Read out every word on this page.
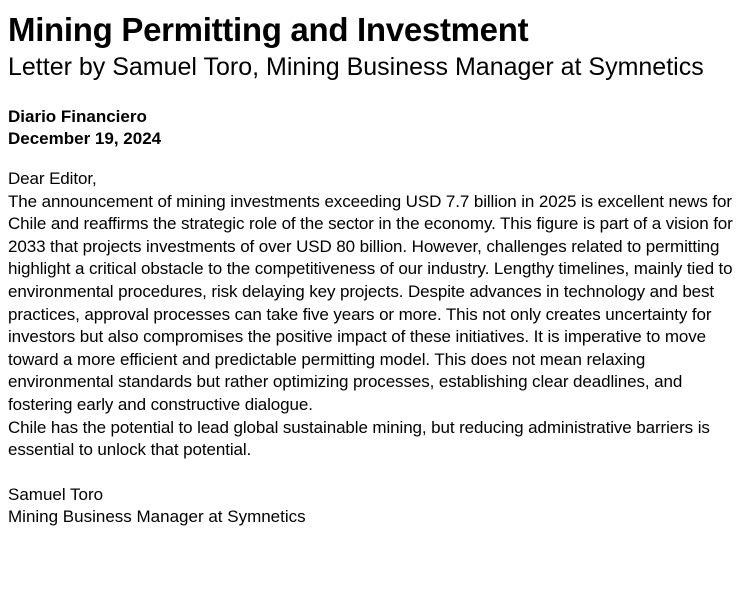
Mining Permitting and Investment
Letter by Samuel Toro, Mining Business Manager at Symnetics
Diario Financiero
December 19, 2024

Dear Editor,

The announcement of mining investments exceeding USD 7.7 billion in 2025 is excellent news for Chile and reaffirms the strategic role of the sector in the economy. This figure is part of a vision for 2033 that projects investments of over USD 80 billion. However, challenges related to permitting highlight a critical obstacle to the competitiveness of our industry. Lengthy timelines, mainly tied to environmental procedures, risk delaying key projects. Despite advances in technology and best practices, approval processes can take five years or more. This not only creates uncertainty for investors but also compromises the positive impact of these initiatives. It is imperative to move toward a more efficient and predictable permitting model. This does not mean relaxing environmental standards but rather optimizing processes, establishing clear deadlines, and fostering early and constructive dialogue.

Chile has the potential to lead global sustainable mining, but reducing administrative barriers is essential to unlock that potential.

Samuel Toro
Mining Business Manager at Symnetics
